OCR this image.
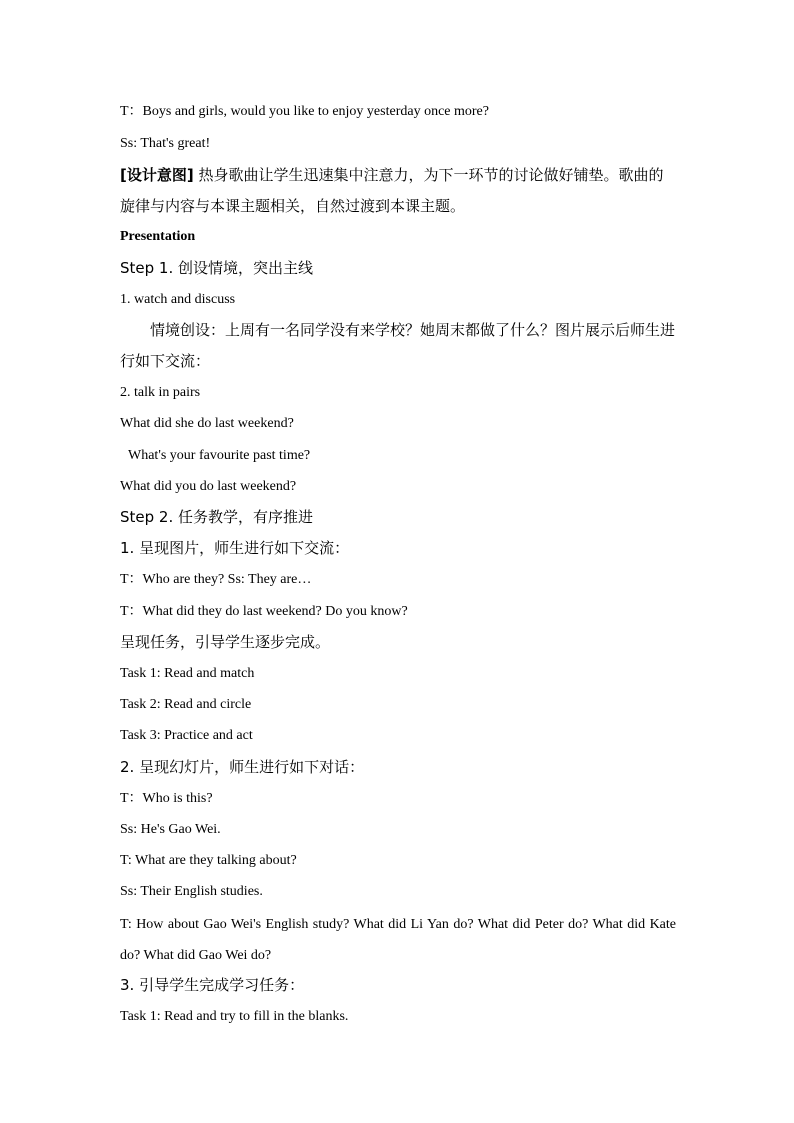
T：Boys and girls, would you like to enjoy yesterday once more?
Ss: That's great!
[设计意图] 热身歌曲让学生迅速集中注意力，为下一环节的讨论做好铺垫。歌曲的旋律与内容与本课主题相关，自然过渡到本课主题。
Presentation
Step 1. 创设情境，突出主线
1. watch and discuss
情境创设：上周有一名同学没有来学校？她周末都做了什么？图片展示后师生进行如下交流：
2. talk in pairs
What did she do last weekend?
What's your favourite past time?
What did you do last weekend?
Step 2. 任务教学，有序推进
1. 呈现图片，师生进行如下交流：
T：Who are they? Ss: They are…
T：What did they do last weekend? Do you know?
呈现任务，引导学生逐步完成。
Task 1: Read and match
Task 2: Read and circle
Task 3: Practice and act
2. 呈现幻灯片，师生进行如下对话：
T：Who is this?
Ss: He's Gao Wei.
T: What are they talking about?
Ss: Their English studies.
T: How about Gao Wei's English study? What did Li Yan do? What did Peter do? What did Kate do? What did Gao Wei do?
3. 引导学生完成学习任务：
Task 1: Read and try to fill in the blanks.
